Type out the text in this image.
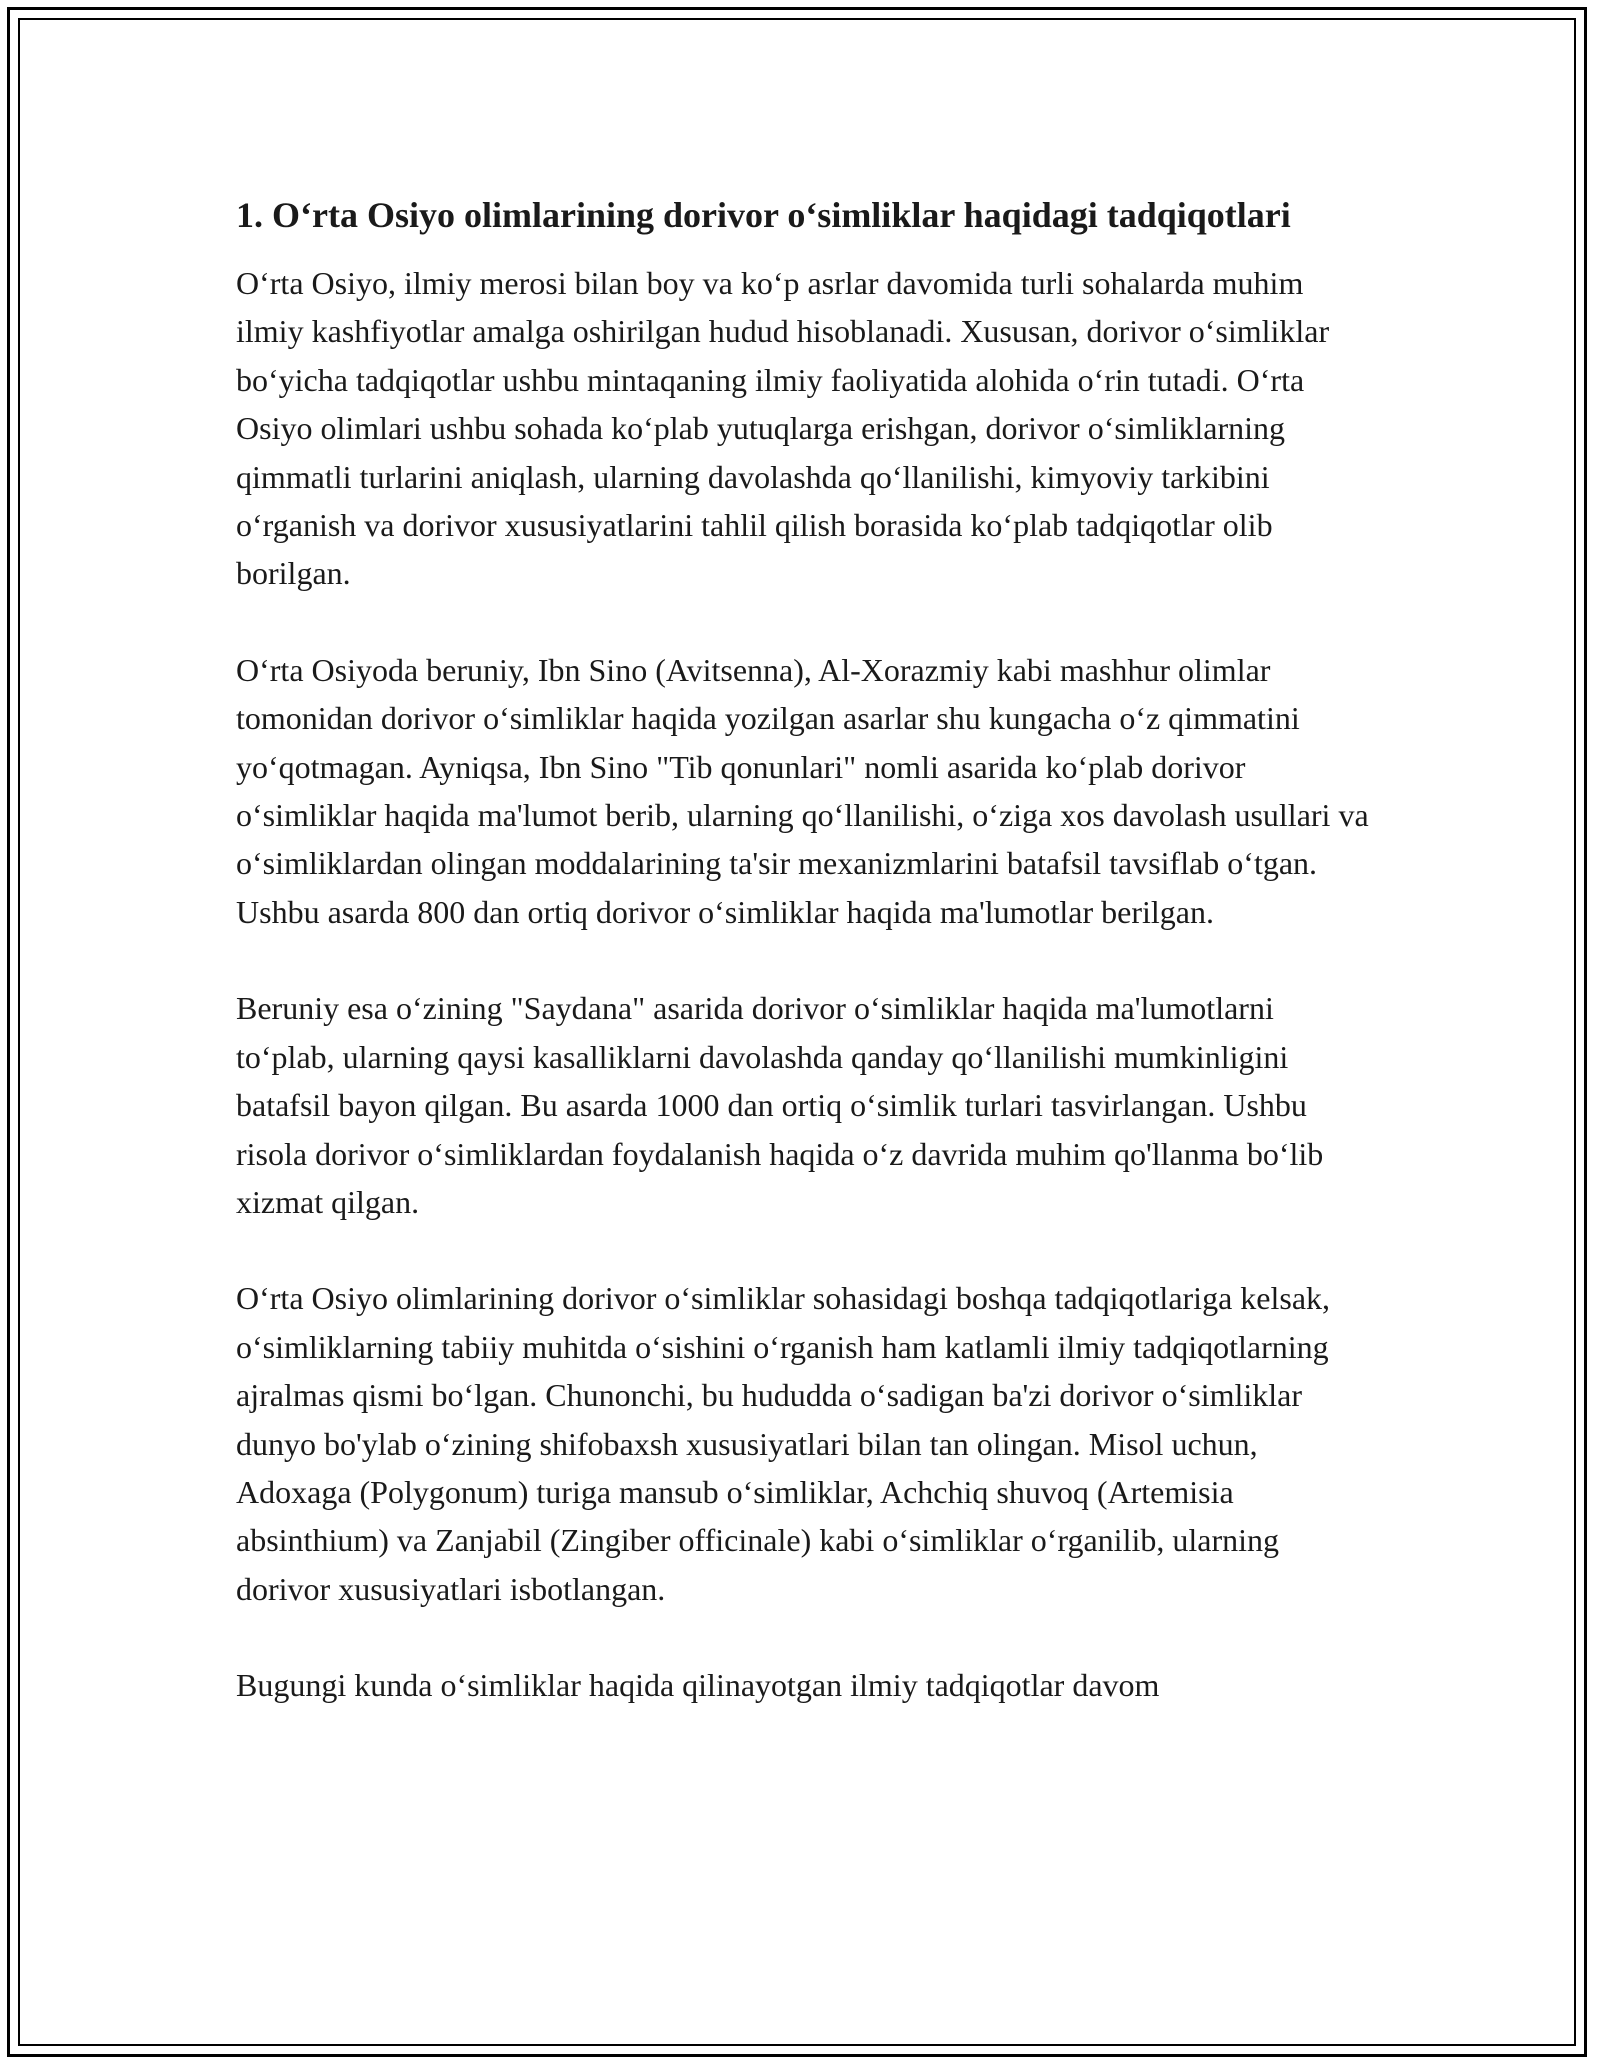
1. O‘rta Osiyo olimlarining dorivor o‘simliklar haqidagi tadqiqotlari

O‘rta Osiyo, ilmiy merosi bilan boy va ko‘p asrlar davomida turli sohalarda muhim ilmiy kashfiyotlar amalga oshirilgan hudud hisoblanadi. Xususan, dorivor o‘simliklar bo‘yicha tadqiqotlar ushbu mintaqaning ilmiy faoliyatida alohida o‘rin tutadi. O‘rta Osiyo olimlari ushbu sohada ko‘plab yutuqlarga erishgan, dorivor o‘simliklarning qimmatli turlarini aniqlash, ularning davolashda qo‘llanilishi, kimyoviy tarkibini o‘rganish va dorivor xususiyatlarini tahlil qilish borasida ko‘plab tadqiqotlar olib borilgan.

O‘rta Osiyoda beruniy, Ibn Sino (Avitsenna), Al-Xorazmiy kabi mashhur olimlar tomonidan dorivor o‘simliklar haqida yozilgan asarlar shu kungacha o‘z qimmatini yo‘qotmagan. Ayniqsa, Ibn Sino "Tib qonunlari" nomli asarida ko‘plab dorivor o‘simliklar haqida ma'lumot berib, ularning qo‘llanilishi, o‘ziga xos davolash usullari va o‘simliklardan olingan moddalarining ta'sir mexanizmlarini batafsil tavsiflab o‘tgan. Ushbu asarda 800 dan ortiq dorivor o‘simliklar haqida ma'lumotlar berilgan.

Beruniy esa o‘zining "Saydana" asarida dorivor o‘simliklar haqida ma'lumotlarni to‘plab, ularning qaysi kasalliklarni davolashda qanday qo‘llanilishi mumkinligini batafsil bayon qilgan. Bu asarda 1000 dan ortiq o‘simlik turlari tasvirlangan. Ushbu risola dorivor o‘simliklardan foydalanish haqida o‘z davrida muhim qo'llanma bo‘lib xizmat qilgan.

O‘rta Osiyo olimlarining dorivor o‘simliklar sohasidagi boshqa tadqiqotlariga kelsak, o‘simliklarning tabiiy muhitda o‘sishini o‘rganish ham katlamli ilmiy tadqiqotlarning ajralmas qismi bo‘lgan. Chunonchi, bu hududda o‘sadigan ba'zi dorivor o‘simliklar dunyo bo'ylab o‘zining shifobaxsh xususiyatlari bilan tan olingan. Misol uchun, Adoxaga (Polygonum) turiga mansub o‘simliklar, Achchiq shuvoq (Artemisia absinthium) va Zanjabil (Zingiber officinale) kabi o‘simliklar o‘rganilib, ularning dorivor xususiyatlari isbotlangan.

Bugungi kunda o‘simliklar haqida qilinayotgan ilmiy tadqiqotlar davom
